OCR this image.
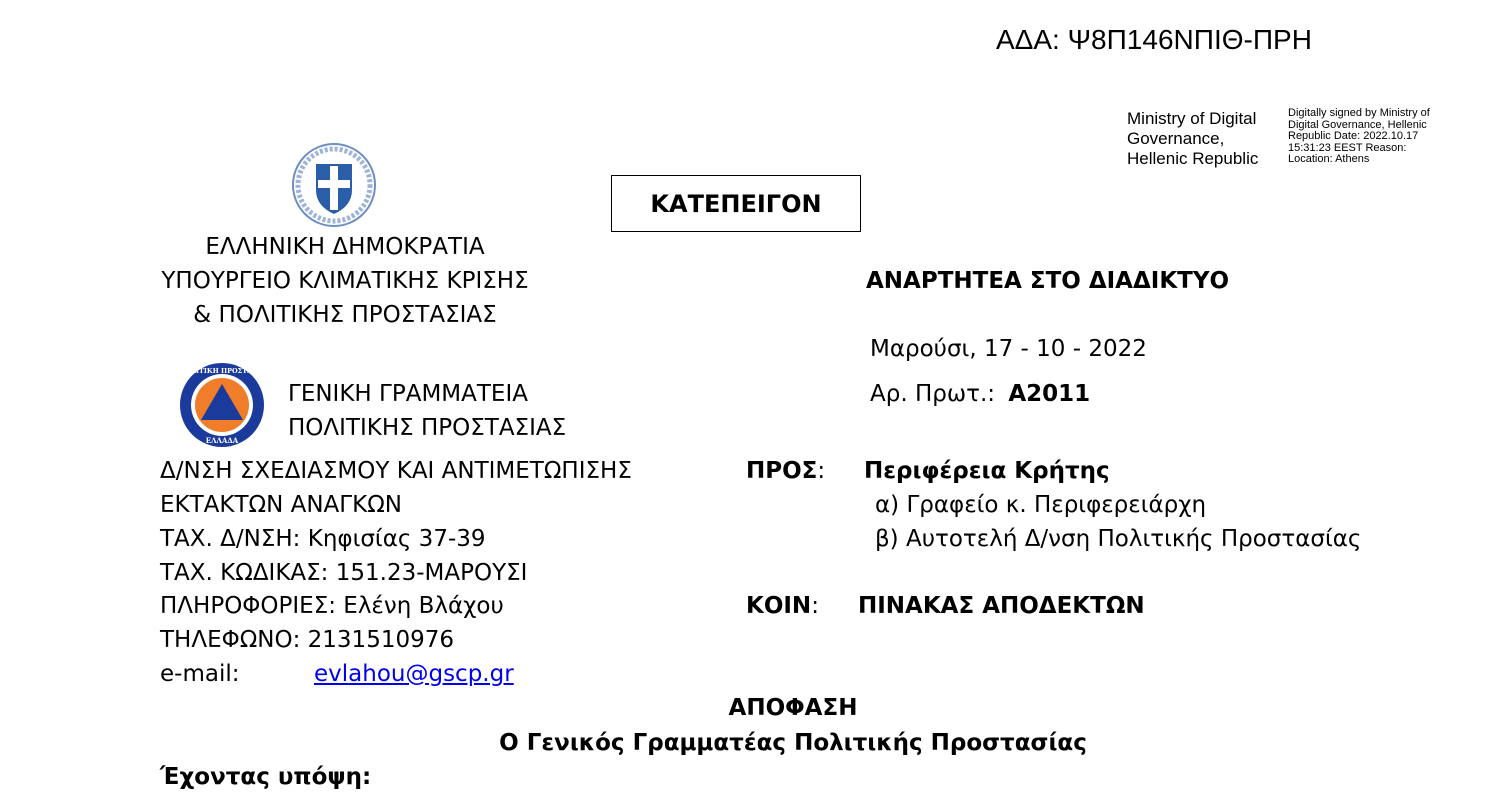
ΑΔΑ: Ψ8Π146ΝΠΙΘ-ΠΡΗ
Ministry of Digital Governance, Hellenic Republic
Digitally signed by Ministry of Digital Governance, Hellenic Republic Date: 2022.10.17 15:31:23 EEST Reason: Location: Athens
ΚΑΤΕΠΕΙΓΟΝ
ΕΛΛΗΝΙΚΗ ΔΗΜΟΚΡΑΤΙΑ
ΥΠΟΥΡΓΕΙΟ ΚΛΙΜΑΤΙΚΗΣ ΚΡΙΣΗΣ
& ΠΟΛΙΤΙΚΗΣ ΠΡΟΣΤΑΣΙΑΣ
ΑΝΑΡΤΗΤΕΑ ΣΤΟ ΔΙΑΔΙΚΤΥΟ
Μαρούσι, 17 - 10 - 2022
Αρ. Πρωτ.: Α2011
ΠΟΛΙΤΙΚΗ ΠΡΟΣΤΑΣΙΑ
ΕΛΛΑΔΑ
ΓΕΝΙΚΗ ΓΡΑΜΜΑΤΕΙΑ
ΠΟΛΙΤΙΚΗΣ ΠΡΟΣΤΑΣΙΑΣ
Δ/ΝΣΗ ΣΧΕΔΙΑΣΜΟΥ ΚΑΙ ΑΝΤΙΜΕΤΩΠΙΣΗΣ
ΕΚΤΑΚΤΩΝ ΑΝΑΓΚΩΝ
ΤΑΧ. Δ/ΝΣΗ: Κηφισίας 37-39
ΤΑΧ. ΚΩΔΙΚΑΣ: 151.23-ΜΑΡΟΥΣΙ
ΠΛΗΡΟΦΟΡΙΕΣ: Ελένη Βλάχου
ΤΗΛΕΦΩΝΟ: 2131510976
e-mail:	evlahou@gscp.gr
ΠΡΟΣ: Περιφέρεια Κρήτης
α) Γραφείο κ. Περιφερειάρχη
β) Αυτοτελή Δ/νση Πολιτικής Προστασίας
ΚΟΙΝ: ΠΙΝΑΚΑΣ ΑΠΟΔΕΚΤΩΝ
ΑΠΟΦΑΣΗ
Ο Γενικός Γραμματέας Πολιτικής Προστασίας
Έχοντας υπόψη:
